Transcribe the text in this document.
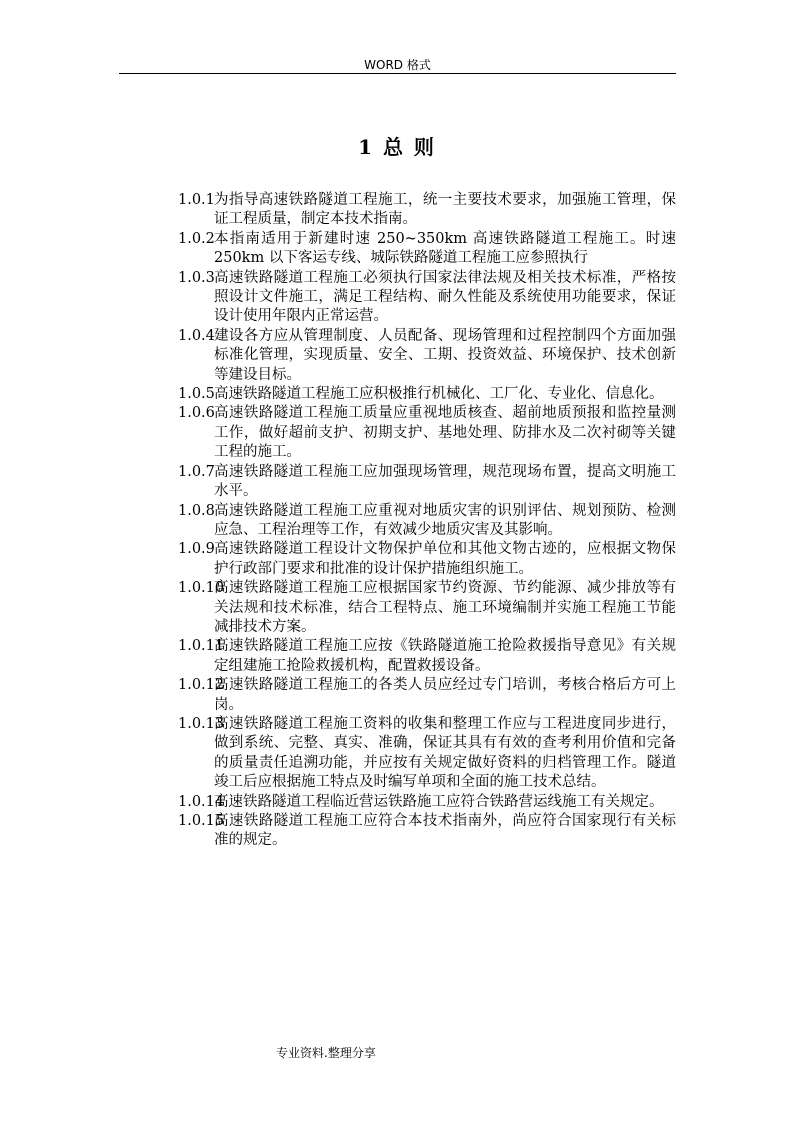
WORD 格式
1 总 则
1.0.1 为指导高速铁路隧道工程施工，统一主要技术要求，加强施工管理，保证工程质量，制定本技术指南。
1.0.2 本指南适用于新建时速 250~350km 高速铁路隧道工程施工。时速 250km 以下客运专线、城际铁路隧道工程施工应参照执行
1.0.3 高速铁路隧道工程施工必须执行国家法律法规及相关技术标准，严格按照设计文件施工，满足工程结构、耐久性能及系统使用功能要求，保证设计使用年限内正常运营。
1.0.4 建设各方应从管理制度、人员配备、现场管理和过程控制四个方面加强标准化管理，实现质量、安全、工期、投资效益、环境保护、技术创新等建设目标。
1.0.5 高速铁路隧道工程施工应积极推行机械化、工厂化、专业化、信息化。
1.0.6 高速铁路隧道工程施工质量应重视地质核查、超前地质预报和监控量测工作，做好超前支护、初期支护、基地处理、防排水及二次衬砌等关键工程的施工。
1.0.7 高速铁路隧道工程施工应加强现场管理，规范现场布置，提高文明施工水平。
1.0.8 高速铁路隧道工程施工应重视对地质灾害的识别评估、规划预防、检测应急、工程治理等工作，有效减少地质灾害及其影响。
1.0.9 高速铁路隧道工程设计文物保护单位和其他文物古迹的，应根据文物保护行政部门要求和批准的设计保护措施组织施工。
1.0.10
高速铁路隧道工程施工应根据国家节约资源、节约能源、减少排放等有关法规和技术标准，结合工程特点、施工环境编制并实施工程施工节能减排技术方案。
1.0.11
高速铁路隧道工程施工应按《铁路隧道施工抢险救援指导意见》有关规定组建施工抢险救援机构，配置救援设备。
1.0.12
高速铁路隧道工程施工的各类人员应经过专门培训，考核合格后方可上岗。
1.0.13
高速铁路隧道工程施工资料的收集和整理工作应与工程进度同步进行，做到系统、完整、真实、准确，保证其具有有效的查考利用价值和完备的质量责任追溯功能，并应按有关规定做好资料的归档管理工作。隧道竣工后应根据施工特点及时编写单项和全面的施工技术总结。
1.0.14
高速铁路隧道工程临近营运铁路施工应符合铁路营运线施工有关规定。
1.0.15
高速铁路隧道工程施工应符合本技术指南外，尚应符合国家现行有关标准的规定。
专业资料.整理分享
